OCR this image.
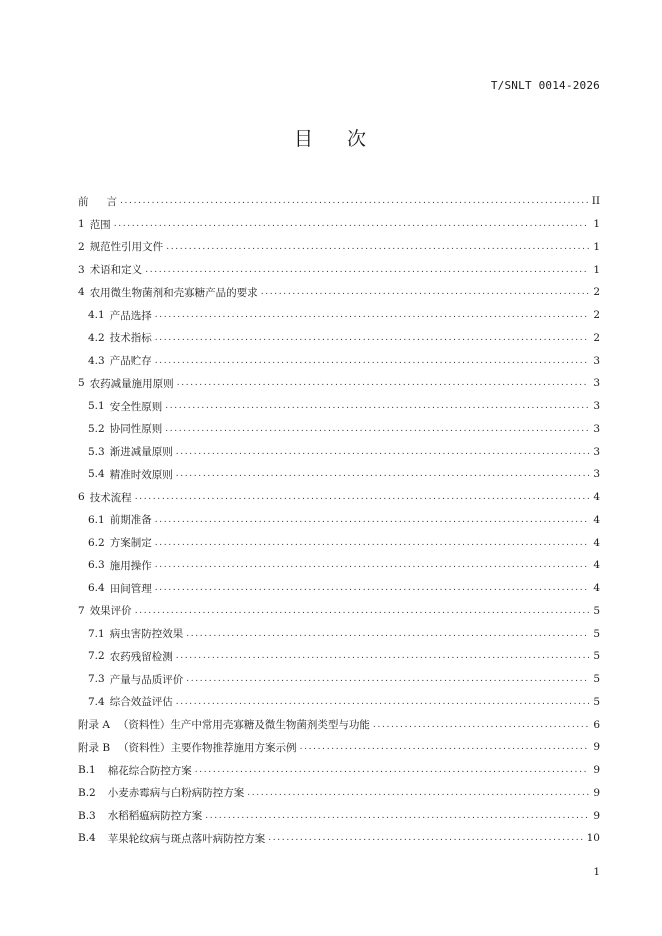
T/SNLT 0014-2026
目 次
前 言 . . .	II
1 范围 . . .	1
2 规范性引用文件 . . .	1
3 术语和定义 . . .	1
4 农用微生物菌剂和壳寡糖产品的要求 . . .	2
4.1 产品选择 . . .	2
4.2 技术指标 . . .	2
4.3 产品贮存 . . .	3
5 农药减量施用原则 . . .	3
5.1 安全性原则 . . .	3
5.2 协同性原则 . . .	3
5.3 渐进减量原则 . . .	3
5.4 精准时效原则 . . .	3
6 技术流程 . . .	4
6.1 前期准备 . . .	4
6.2 方案制定 . . .	4
6.3 施用操作 . . .	4
6.4 田间管理 . . .	4
7 效果评价 . . .	5
7.1 病虫害防控效果 . . .	5
7.2 农药残留检测 . . .	5
7.3 产量与品质评价 . . .	5
7.4 综合效益评估 . . .	5
附录 A （资料性）生产中常用壳寡糖及微生物菌剂类型与功能 . . .	6
附录 B （资料性）主要作物推荐施用方案示例 . . .	9
B.1 棉花综合防控方案 . . .	9
B.2 小麦赤霉病与白粉病防控方案 . . .	9
B.3 水稻稻瘟病防控方案 . . .	9
B.4 苹果轮纹病与斑点落叶病防控方案 . . .	10
1
